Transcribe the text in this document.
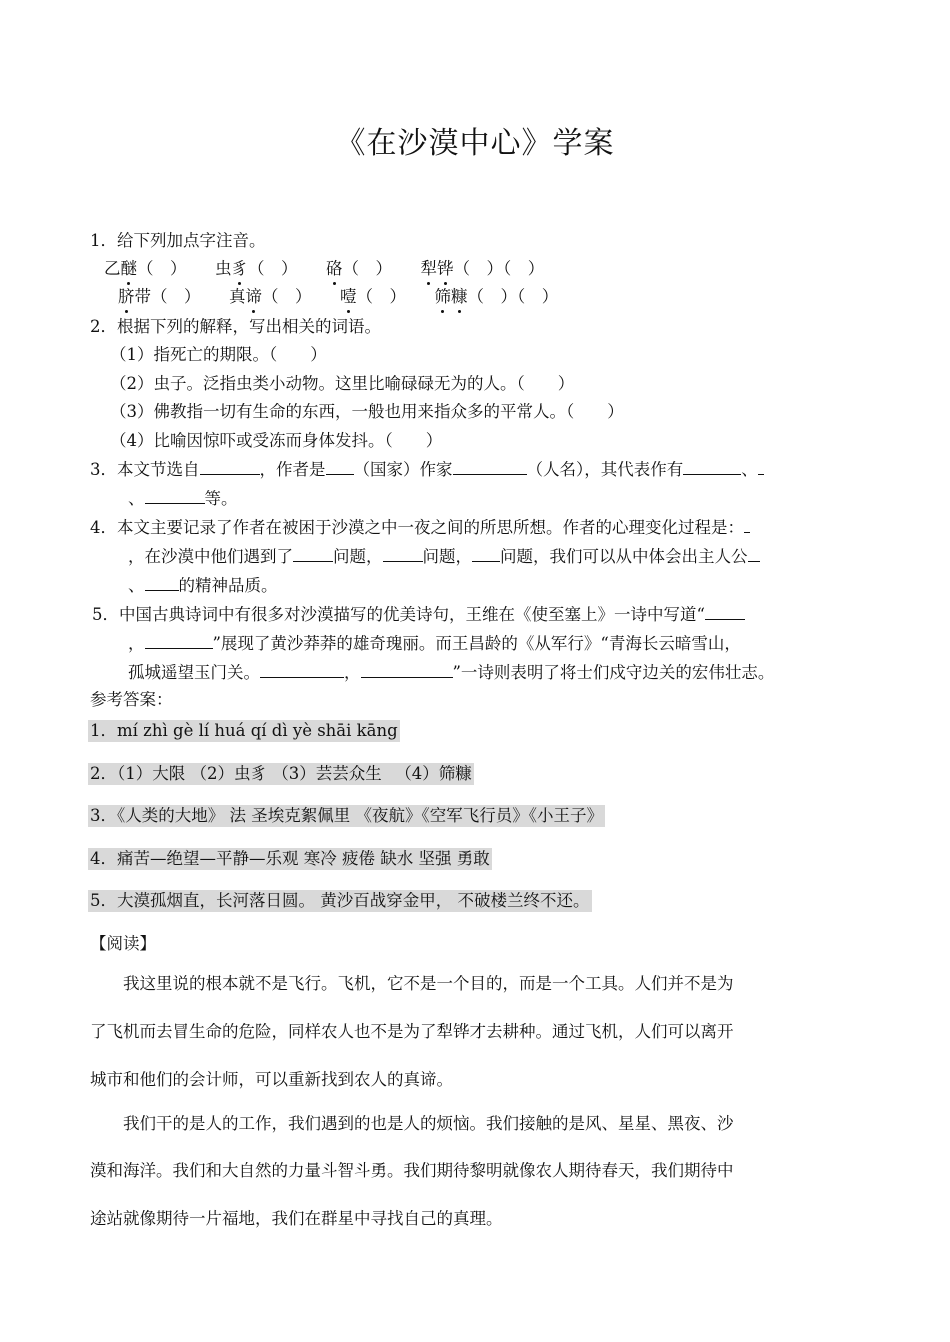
《在沙漠中心》学案
1．给下列加点字注音。
乙醚（　） 虫豸（　） 硌（　） 犁铧（　）（　）
脐带（　） 真谛（　） 噎（　） 筛糠（　）（　）
2．根据下列的解释，写出相关的词语。
（1）指死亡的期限。（　　）
（2）虫子。泛指虫类小动物。这里比喻碌碌无为的人。（　　）
（3）佛教指一切有生命的东西，一般也用来指众多的平常人。（　　）
（4）比喻因惊吓或受冻而身体发抖。（　　）
3．本文节选自	，作者是 （国家）作家	（人名），其代表作有	、
、	等。
4．本文主要记录了作者在被困于沙漠之中一夜之间的所思所想。作者的心理变化过程是：
，在沙漠中他们遇到了 问题， 问题， 问题，我们可以从中体会出主人公
、 的精神品质。
5．中国古典诗词中有很多对沙漠描写的优美诗句，王维在《使至塞上》一诗中写道“
，	”展现了黄沙莽莽的雄奇瑰丽。而王昌龄的《从军行》“青海长云暗雪山，
孤城遥望玉门关。	，	”一诗则表明了将士们戍守边关的宏伟壮志。
参考答案：
1．mí zhì gè lí huá qí dì yè shāi kāng
2．（1）大限 （2）虫豸 （3）芸芸众生 　（4）筛糠
3．《人类的大地》 法 圣埃克絮佩里 《夜航》《空军飞行员》《小王子》
4．痛苦—绝望—平静—乐观 寒冷 疲倦 缺水 坚强 勇敢
5．大漠孤烟直，长河落日圆。 黄沙百战穿金甲， 不破楼兰终不还。
【阅读】
　　我这里说的根本就不是飞行。飞机，它不是一个目的，而是一个工具。人们并不是为
了飞机而去冒生命的危险，同样农人也不是为了犁铧才去耕种。通过飞机，人们可以离开
城市和他们的会计师，可以重新找到农人的真谛。
　　我们干的是人的工作，我们遇到的也是人的烦恼。我们接触的是风、星星、黑夜、沙
漠和海洋。我们和大自然的力量斗智斗勇。我们期待黎明就像农人期待春天，我们期待中
途站就像期待一片福地，我们在群星中寻找自己的真理。
